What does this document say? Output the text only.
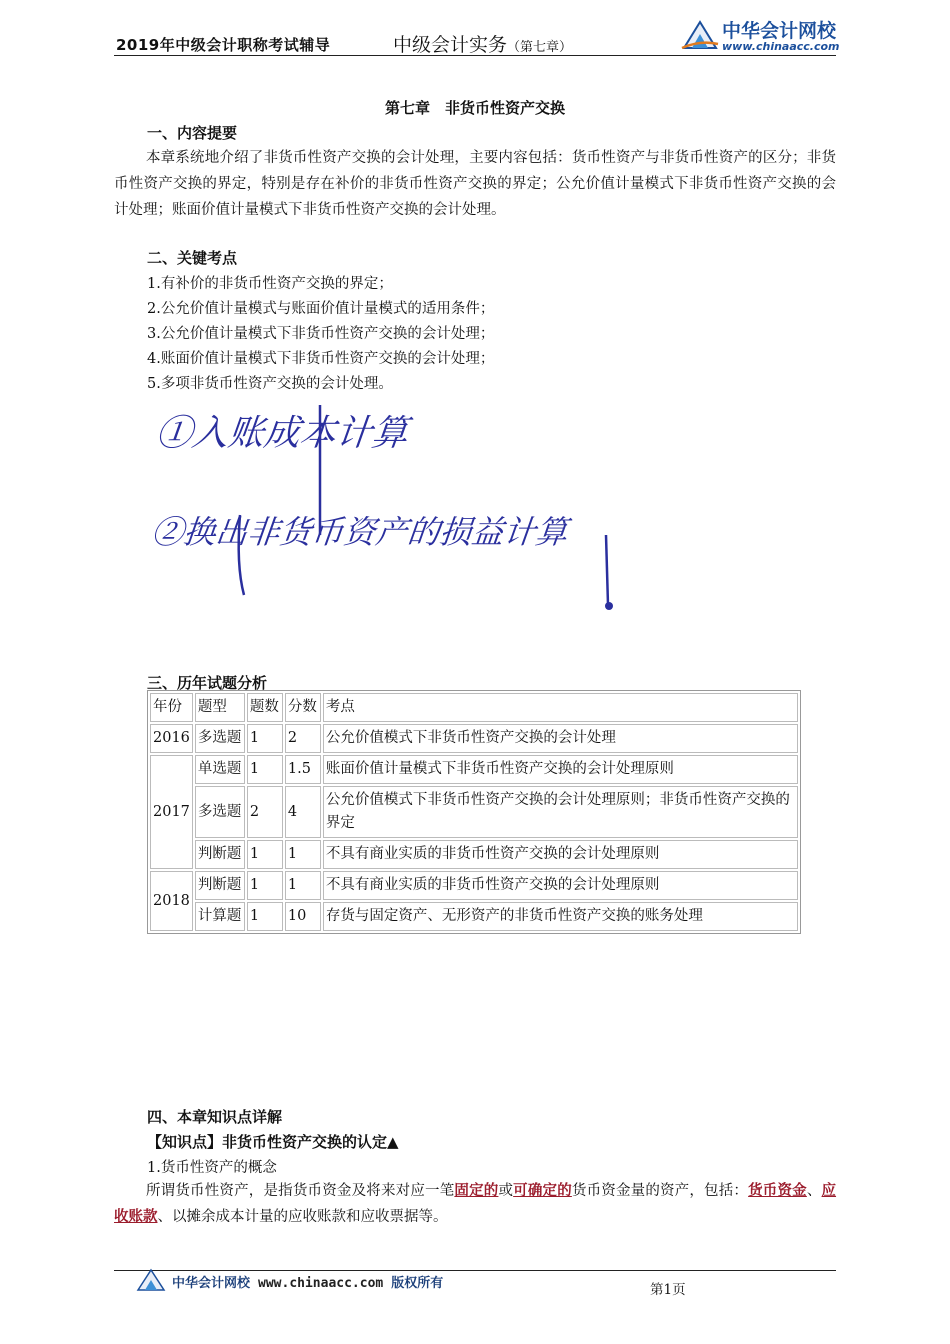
2019年中级会计职称考试辅导	中级会计实务（第七章）
中华会计网校
www.chinaacc.com
第七章　非货币性资产交换
一、内容提要
本章系统地介绍了非货币性资产交换的会计处理，主要内容包括：货币性资产与非货币性资产的区分；非货币性资产交换的界定，特别是存在补价的非货币性资产交换的界定；公允价值计量模式下非货币性资产交换的会计处理；账面价值计量模式下非货币性资产交换的会计处理。
二、关键考点
1.有补价的非货币性资产交换的界定；
2.公允价值计量模式与账面价值计量模式的适用条件；
3.公允价值计量模式下非货币性资产交换的会计处理；
4.账面价值计量模式下非货币性资产交换的会计处理；
5.多项非货币性资产交换的会计处理。
①入账成本计算
②换出非货币资产的损益计算
三、历年试题分析
年份	题型	题数	分数	考点
2016	多选题	1	2	公允价值模式下非货币性资产交换的会计处理
2017	单选题	1	1.5	账面价值计量模式下非货币性资产交换的会计处理原则
	多选题	2	4	公允价值模式下非货币性资产交换的会计处理原则；非货币性资产交换的界定
	判断题	1	1	不具有商业实质的非货币性资产交换的会计处理原则
2018	判断题	1	1	不具有商业实质的非货币性资产交换的会计处理原则
	计算题	1	10	存货与固定资产、无形资产的非货币性资产交换的账务处理
四、本章知识点详解
【知识点】非货币性资产交换的认定▲
1.货币性资产的概念
所谓货币性资产，是指货币资金及将来对应一笔固定的或可确定的货币资金量的资产，包括：货币资金、应收账款、以摊余成本计量的应收账款和应收票据等。
中华会计网校 www.chinaacc.com 版权所有	第1页
